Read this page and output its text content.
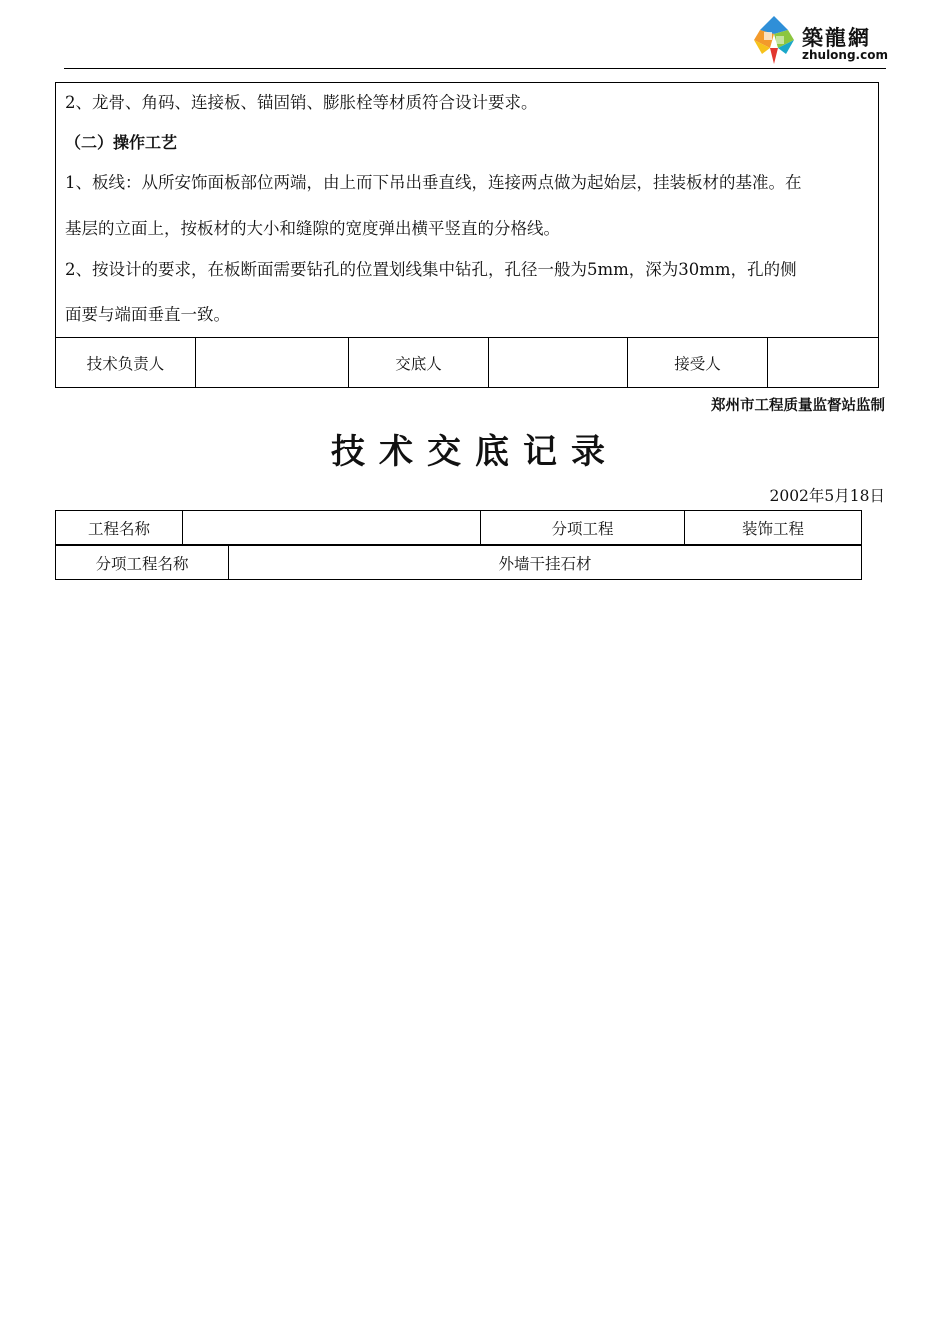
築龍網
zhulong.com
2、龙骨、角码、连接板、锚固销、膨胀栓等材质符合设计要求。
（二）操作工艺
1、板线：从所安饰面板部位两端，由上而下吊出垂直线，连接两点做为起始层，挂装板材的基准。在
基层的立面上，按板材的大小和缝隙的宽度弹出横平竖直的分格线。
2、按设计的要求，在板断面需要钻孔的位置划线集中钻孔，孔径一般为5mm，深为30mm，孔的侧
面要与端面垂直一致。
技术负责人		交底人		接受人	
郑州市工程质量监督站监制
技术交底记录
2002年5月18日
工程名称		分项工程	装饰工程
分项工程名称	外墙干挂石材
